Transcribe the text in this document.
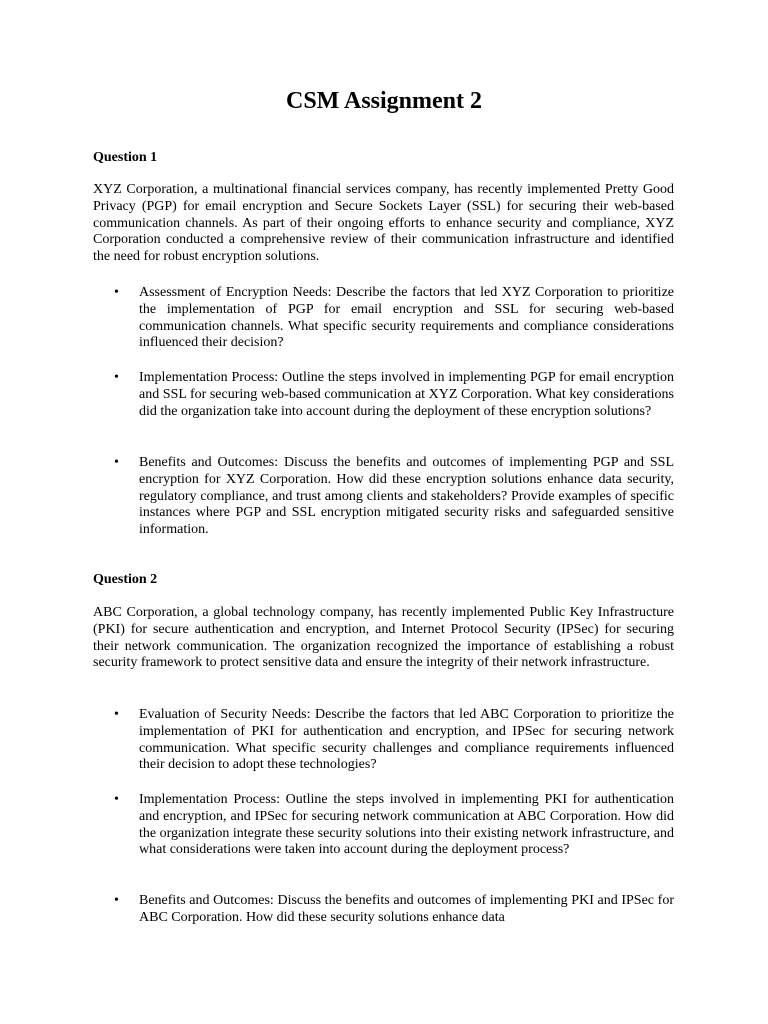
CSM Assignment 2

Question 1

XYZ Corporation, a multinational financial services company, has recently implemented Pretty Good Privacy (PGP) for email encryption and Secure Sockets Layer (SSL) for securing their web-based communication channels. As part of their ongoing efforts to enhance security and compliance, XYZ Corporation conducted a comprehensive review of their communication infrastructure and identified the need for robust encryption solutions.

•	Assessment of Encryption Needs: Describe the factors that led XYZ Corporation to prioritize the implementation of PGP for email encryption and SSL for securing web-based communication channels. What specific security requirements and compliance considerations influenced their decision?

•	Implementation Process: Outline the steps involved in implementing PGP for email encryption and SSL for securing web-based communication at XYZ Corporation. What key considerations did the organization take into account during the deployment of these encryption solutions?

•	Benefits and Outcomes: Discuss the benefits and outcomes of implementing PGP and SSL encryption for XYZ Corporation. How did these encryption solutions enhance data security, regulatory compliance, and trust among clients and stakeholders? Provide examples of specific instances where PGP and SSL encryption mitigated security risks and safeguarded sensitive information.

Question 2

ABC Corporation, a global technology company, has recently implemented Public Key Infrastructure (PKI) for secure authentication and encryption, and Internet Protocol Security (IPSec) for securing their network communication. The organization recognized the importance of establishing a robust security framework to protect sensitive data and ensure the integrity of their network infrastructure.

•	Evaluation of Security Needs: Describe the factors that led ABC Corporation to prioritize the implementation of PKI for authentication and encryption, and IPSec for securing network communication. What specific security challenges and compliance requirements influenced their decision to adopt these technologies?

•	Implementation Process: Outline the steps involved in implementing PKI for authentication and encryption, and IPSec for securing network communication at ABC Corporation. How did the organization integrate these security solutions into their existing network infrastructure, and what considerations were taken into account during the deployment process?

•	Benefits and Outcomes: Discuss the benefits and outcomes of implementing PKI and IPSec for ABC Corporation. How did these security solutions enhance data
